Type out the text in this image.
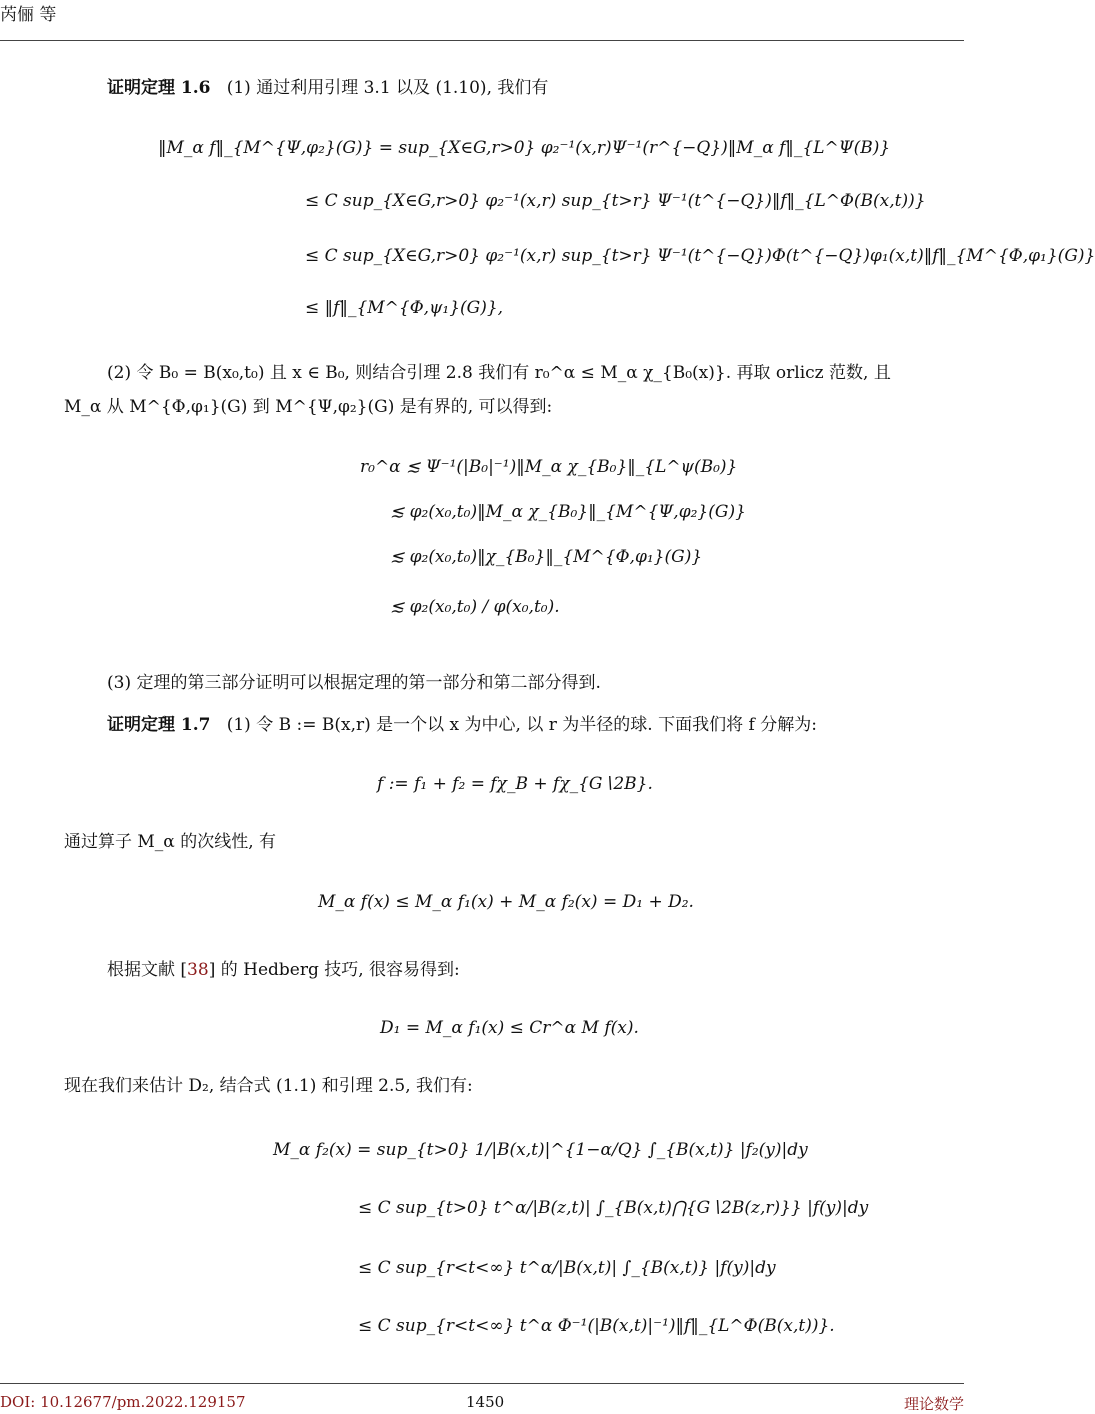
芮俪 等
证明定理 1.6 (1) 通过利用引理 3.1 以及 (1.10), 我们有
‖M_α f‖_{M^{Ψ,φ₂}(G)} = sup_{X∈G,r>0} φ₂⁻¹(x,r)Ψ⁻¹(r^{−Q})‖M_α f‖_{L^Ψ(B)}
≤ C sup_{X∈G,r>0} φ₂⁻¹(x,r) sup_{t>r} Ψ⁻¹(t^{−Q})‖f‖_{L^Φ(B(x,t))}
≤ C sup_{X∈G,r>0} φ₂⁻¹(x,r) sup_{t>r} Ψ⁻¹(t^{−Q})Φ(t^{−Q})φ₁(x,t)‖f‖_{M^{Φ,φ₁}(G)}
≤ ‖f‖_{M^{Φ,ψ₁}(G)},
(2) 令 B₀ = B(x₀,t₀) 且 x ∈ B₀, 则结合引理 2.8 我们有 r₀^α ≤ M_α χ_{B₀(x)}. 再取 orlicz 范数, 且
M_α 从 M^{Φ,φ₁}(G) 到 M^{Ψ,φ₂}(G) 是有界的, 可以得到:
r₀^α ≲ Ψ⁻¹(|B₀|⁻¹)‖M_α χ_{B₀}‖_{L^ψ(B₀)}
≲ φ₂(x₀,t₀)‖M_α χ_{B₀}‖_{M^{Ψ,φ₂}(G)}
≲ φ₂(x₀,t₀)‖χ_{B₀}‖_{M^{Φ,φ₁}(G)}
≲ φ₂(x₀,t₀) / φ(x₀,t₀).
(3) 定理的第三部分证明可以根据定理的第一部分和第二部分得到.
证明定理 1.7 (1) 令 B := B(x,r) 是一个以 x 为中心, 以 r 为半径的球. 下面我们将 f 分解为:
f := f₁ + f₂ = fχ_B + fχ_{G∖2B}.
通过算子 M_α 的次线性, 有
M_α f(x) ≤ M_α f₁(x) + M_α f₂(x) = D₁ + D₂.
根据文献 [38] 的 Hedberg 技巧, 很容易得到:
D₁ = M_α f₁(x) ≤ Cr^α M f(x).
现在我们来估计 D₂, 结合式 (1.1) 和引理 2.5, 我们有:
M_α f₂(x) = sup_{t>0} 1/|B(x,t)|^{1−α/Q} ∫_{B(x,t)} |f₂(y)|dy
≤ C sup_{t>0} t^α/|B(z,t)| ∫_{B(x,t)⋂{G∖2B(z,r)}} |f(y)|dy
≤ C sup_{r<t<∞} t^α/|B(x,t)| ∫_{B(x,t)} |f(y)|dy
≤ C sup_{r<t<∞} t^α Φ⁻¹(|B(x,t)|⁻¹)‖f‖_{L^Φ(B(x,t))}.
DOI: 10.12677/pm.2022.129157	1450	理论数学
